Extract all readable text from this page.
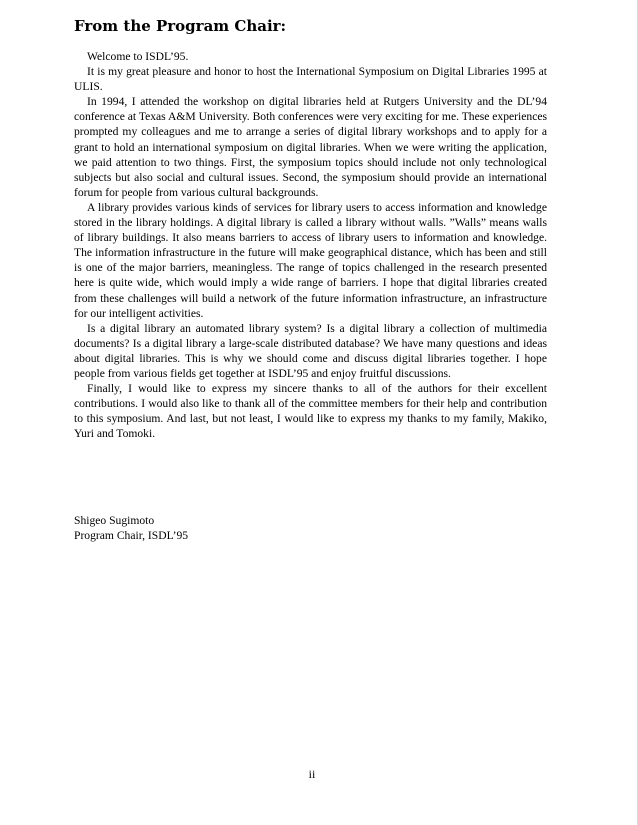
From the Program Chair:

Welcome to ISDL’95.

It is my great pleasure and honor to host the International Symposium on Digital Libraries 1995 at ULIS.

In 1994, I attended the workshop on digital libraries held at Rutgers University and the DL’94 conference at Texas A&M University. Both conferences were very exciting for me. These experiences prompted my colleagues and me to arrange a series of digital library workshops and to apply for a grant to hold an international symposium on digital libraries. When we were writing the application, we paid attention to two things. First, the symposium topics should include not only technological subjects but also social and cultural issues. Second, the symposium should provide an international forum for people from various cultural backgrounds.

A library provides various kinds of services for library users to access information and knowledge stored in the library holdings. A digital library is called a library without walls. ”Walls” means walls of library buildings. It also means barriers to access of library users to information and knowledge. The information infrastructure in the future will make geographical distance, which has been and still is one of the major barriers, meaningless. The range of topics challenged in the research presented here is quite wide, which would imply a wide range of barriers. I hope that digital libraries created from these challenges will build a network of the future information infrastructure, an infrastructure for our intelligent activities.

Is a digital library an automated library system? Is a digital library a collection of multimedia documents? Is a digital library a large-scale distributed database? We have many questions and ideas about digital libraries. This is why we should come and discuss digital libraries together. I hope people from various fields get together at ISDL’95 and enjoy fruitful discussions.

Finally, I would like to express my sincere thanks to all of the authors for their excellent contributions. I would also like to thank all of the committee members for their help and contribution to this symposium. And last, but not least, I would like to express my thanks to my family, Makiko, Yuri and Tomoki.

Shigeo Sugimoto
Program Chair, ISDL’95
ii
